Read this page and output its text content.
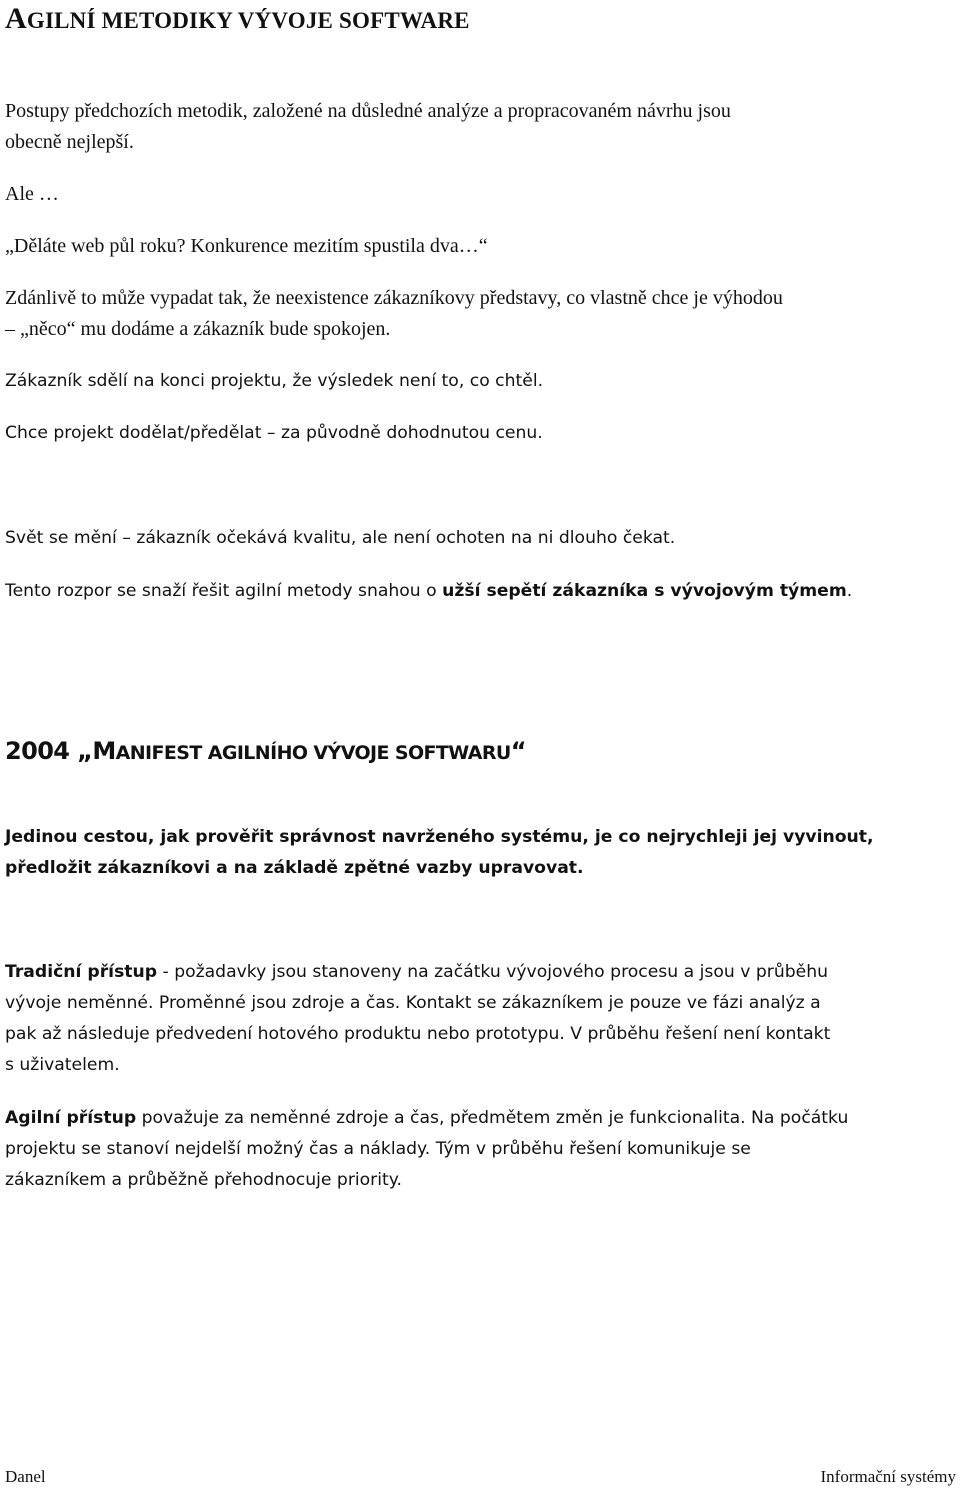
AGILNÍ METODIKY VÝVOJE SOFTWARE

Postupy předchozích metodik, založené na důsledné analýze a propracovaném návrhu jsou

obecně nejlepší.

Ale …

„Děláte web půl roku? Konkurence mezitím spustila dva…“

Zdánlivě to může vypadat tak, že neexistence zákazníkovy představy, co vlastně chce je výhodou

– „něco“ mu dodáme a zákazník bude spokojen.

Zákazník sdělí na konci projektu, že výsledek není to, co chtěl.

Chce projekt dodělat/předělat – za původně dohodnutou cenu.

Svět se mění – zákazník očekává kvalitu, ale není ochoten na ni dlouho čekat.

Tento rozpor se snaží řešit agilní metody snahou o užší sepětí zákazníka s vývojovým týmem.

2004 „MANIFEST AGILNÍHO VÝVOJE SOFTWARU“

Jedinou cestou, jak prověřit správnost navrženého systému, je co nejrychleji jej vyvinout,

předložit zákazníkovi a na základě zpětné vazby upravovat.

Tradiční přístup - požadavky jsou stanoveny na začátku vývojového procesu a jsou v průběhu

vývoje neměnné. Proměnné jsou zdroje a čas. Kontakt se zákazníkem je pouze ve fázi analýz a

pak až následuje předvedení hotového produktu nebo prototypu. V průběhu řešení není kontakt

s uživatelem.

Agilní přístup považuje za neměnné zdroje a čas, předmětem změn je funkcionalita. Na počátku

projektu se stanoví nejdelší možný čas a náklady. Tým v průběhu řešení komunikuje se

zákazníkem a průběžně přehodnocuje priority.

Danel	Informační systémy
